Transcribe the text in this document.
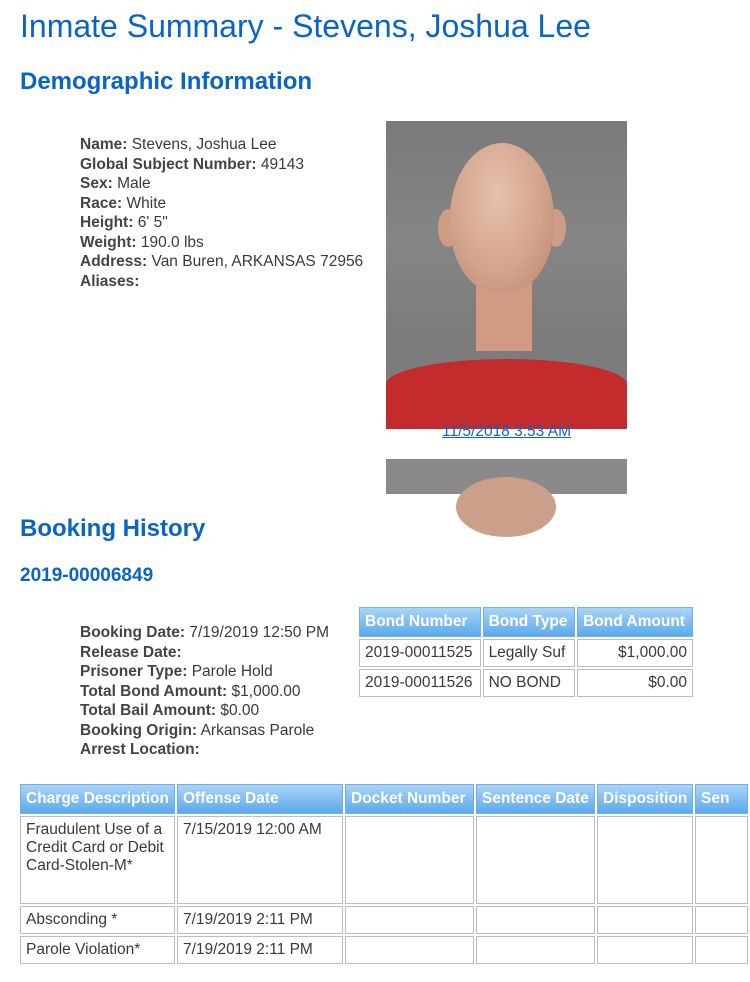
Inmate Summary - Stevens, Joshua Lee
Demographic Information
Name: Stevens, Joshua Lee
Global Subject Number: 49143
Sex: Male
Race: White
Height: 6' 5"
Weight: 190.0 lbs
Address: Van Buren, ARKANSAS 72956
Aliases:
11/5/2018 3:53 AM
Booking History
2019-00006849
Booking Date: 7/19/2019 12:50 PM
Release Date:
Prisoner Type: Parole Hold
Total Bond Amount: $1,000.00
Total Bail Amount: $0.00
Booking Origin: Arkansas Parole
Arrest Location:
Bond Number	Bond Type	Bond Amount
2019-00011525	Legally Suf	$1,000.00
2019-00011526	NO BOND	$0.00
Charge Description	Offense Date	Docket Number	Sentence Date	Disposition	Sen
Fraudulent Use of a Credit Card or Debit Card-Stolen-M*	7/15/2019 12:00 AM				
Absconding *	7/19/2019 2:11 PM				
Parole Violation*	7/19/2019 2:11 PM				
